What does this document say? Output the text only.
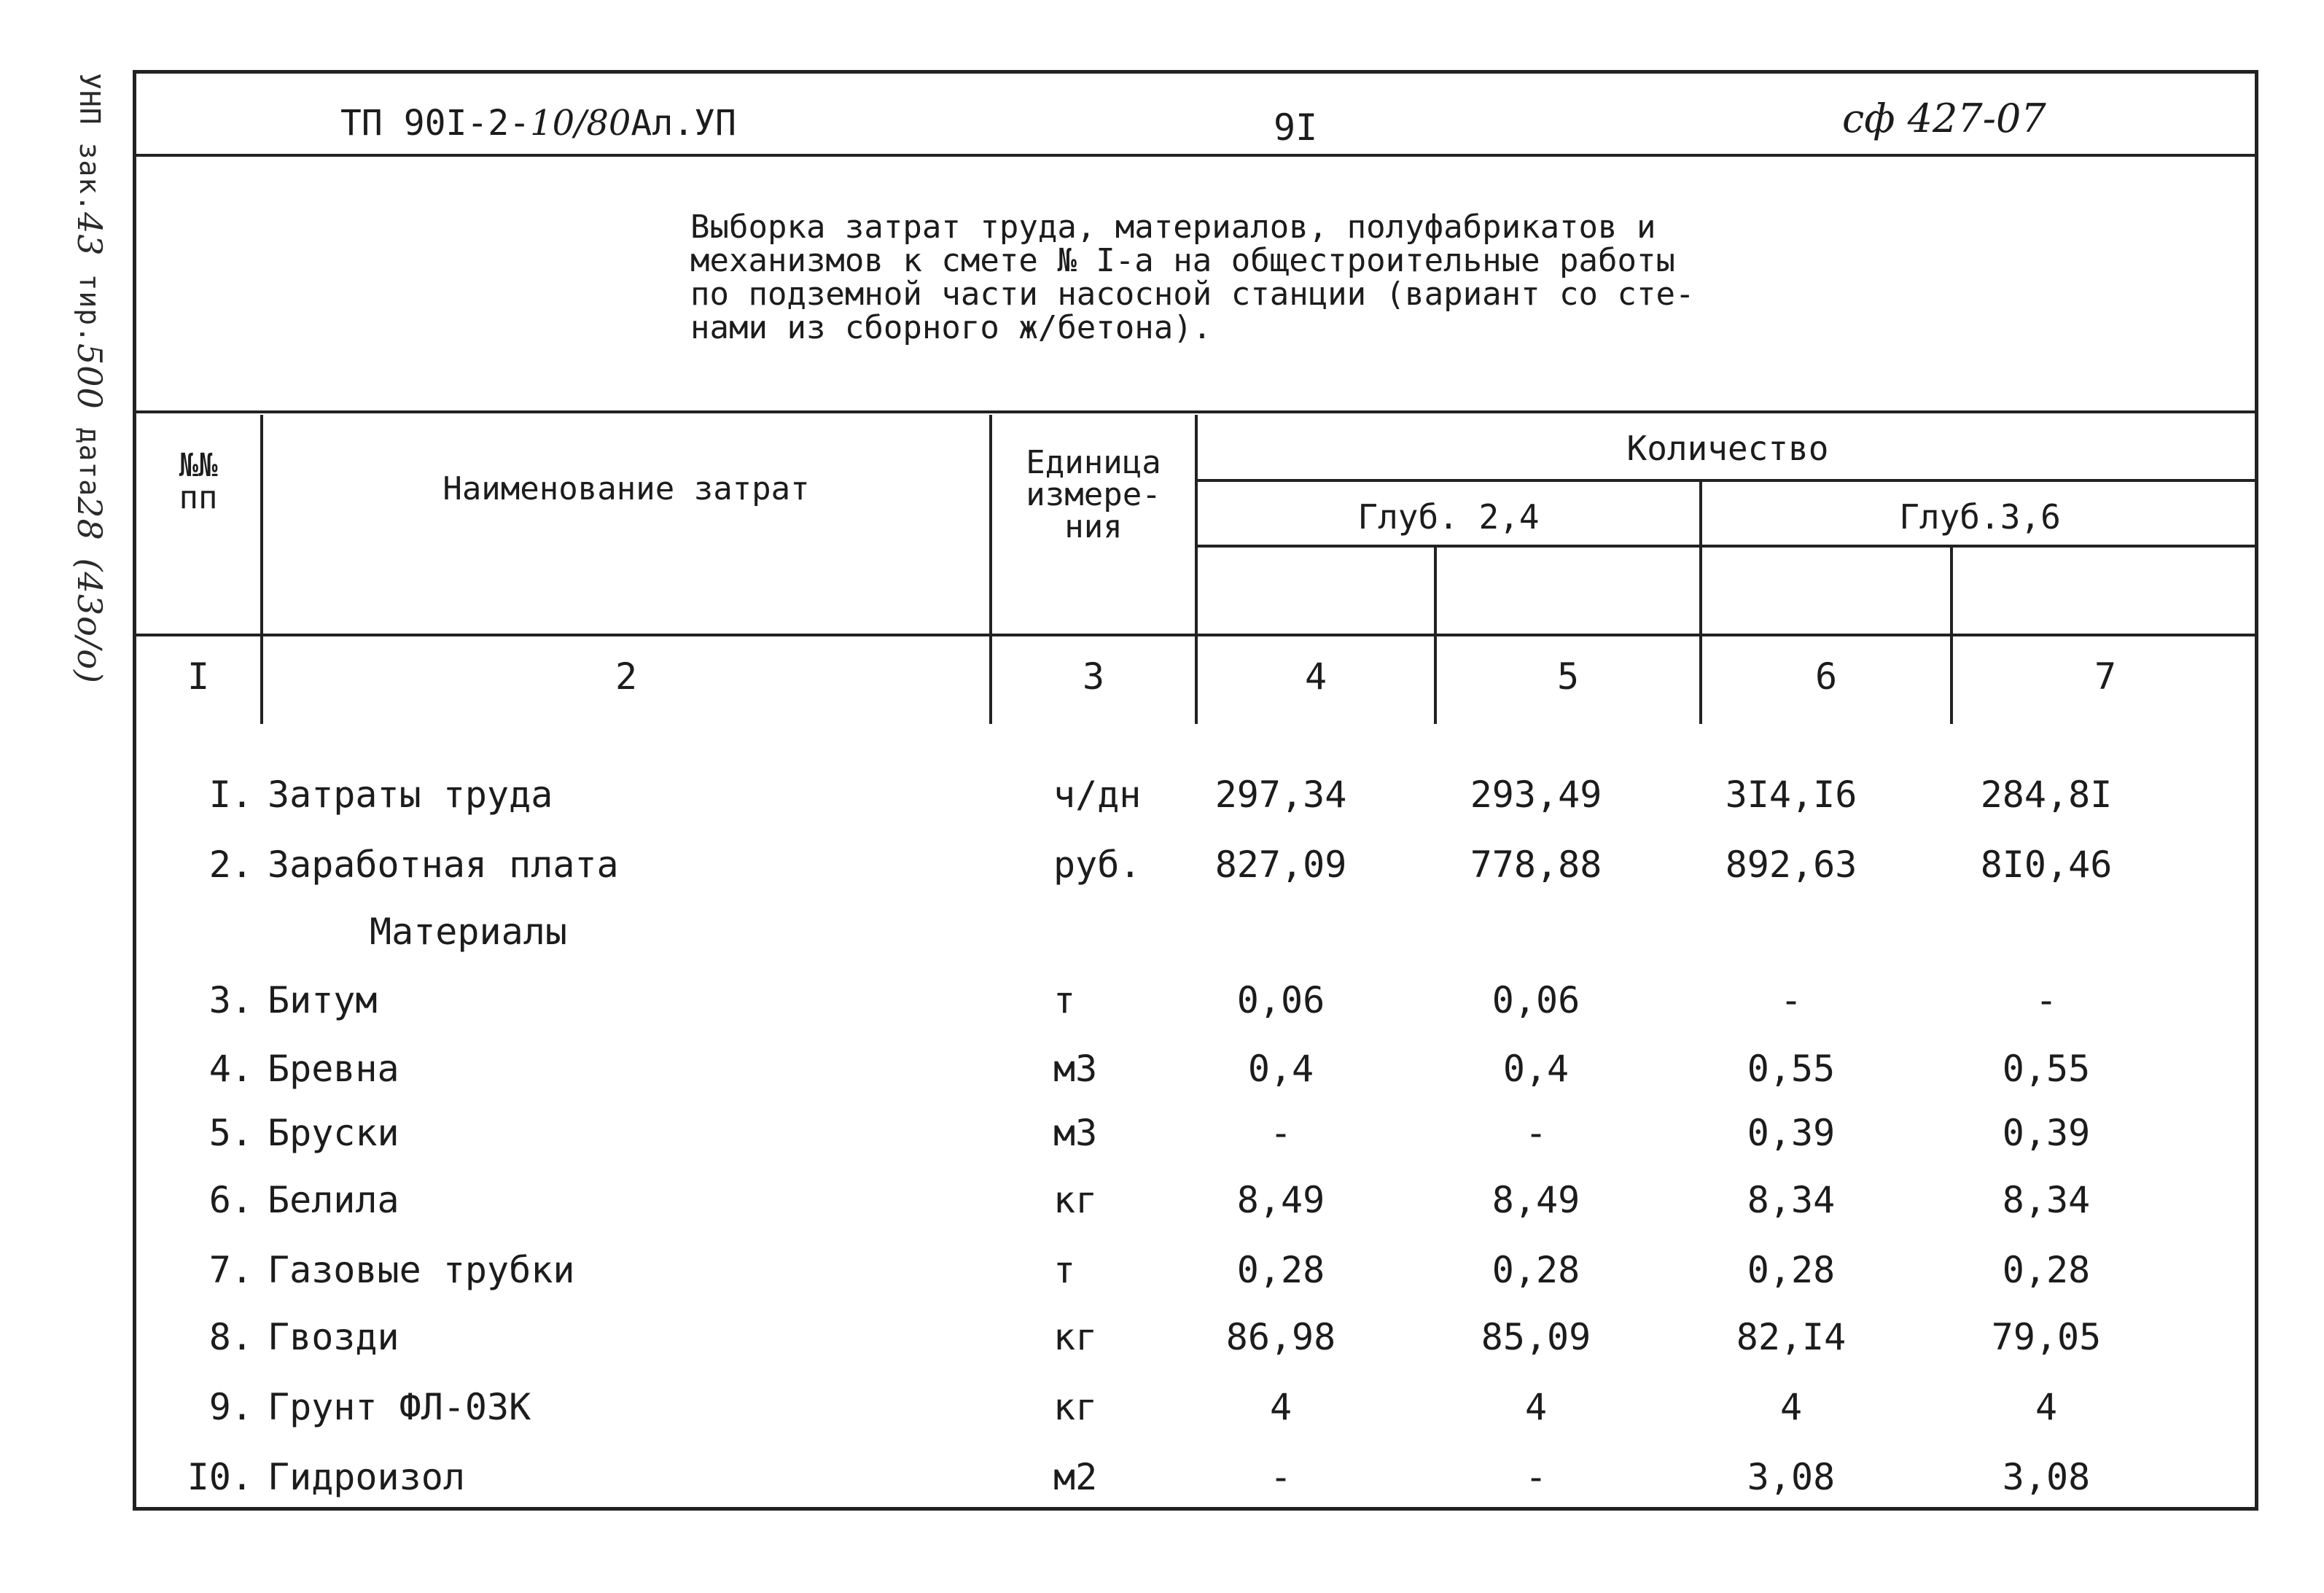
УНП зак.43 тир.500 дата28 (43о/о)
ТП 90I-2-10/80Ал.УП	9I	сф 427-07
Выборка затрат труда, материалов, полуфабрикатов и
механизмов к смете № I-а на общестроительные работы
по подземной части насосной станции (вариант со сте-
нами из сборного ж/бетона).
№№
пп	Наименование затрат
Единица
измере-
ния
Количество
Глуб. 2,4	Глуб.3,6
I	2	3	4	5	6	7
I. Затраты труда	ч/дн	297,34	293,49	3I4,I6	284,8I
2. Заработная плата	руб.	827,09	778,88	892,63	8I0,46
Материалы
3. Битум	т	0,06	0,06	-	-
4. Бревна	м3	0,4	0,4	0,55	0,55
5. Бруски	м3	-	-	0,39	0,39
6. Белила	кг	8,49	8,49	8,34	8,34
7. Газовые трубки	т	0,28	0,28	0,28	0,28
8. Гвозди	кг	86,98	85,09	82,I4	79,05
9. Грунт ФЛ-03К	кг	4	4	4	4
I0. Гидроизол	м2	-	-	3,08	3,08
